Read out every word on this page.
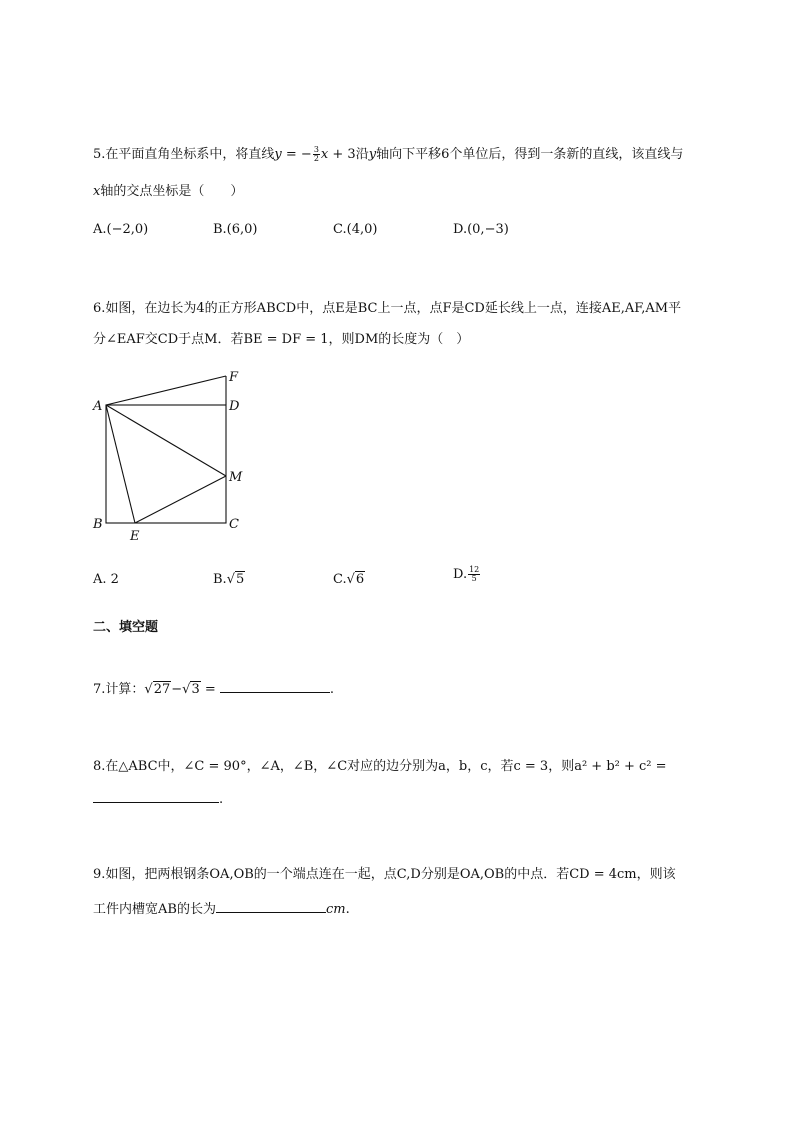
5.在平面直角坐标系中，将直线y = − $\frac{3}{2}$ x + 3沿y轴向下平移6个单位后，得到一条新的直线，该直线与
x轴的交点坐标是（　　）
A.(−2,0)	B.(6,0)	C.(4,0)	D.(0,−3)
6.如图，在边长为4的正方形ABCD中，点E是BC上一点，点F是CD延长线上一点，连接AE,AF,AM平
分∠EAF交CD于点M．若BE = DF = 1，则DM的长度为（　）
A
B	C
D
E
F
M
A. 2	B.√5	C.√6	D. $\frac{12}{5}$
二、填空题
7.计算：√27−√3 =	.
8.在△ABC中，∠C = 90°，∠A，∠B，∠C对应的边分别为a，b，c，若c = 3，则a² + b² + c² =
.
9.如图，把两根钢条OA,OB的一个端点连在一起，点C,D分别是OA,OB的中点．若CD = 4cm，则该
工件内槽宽AB的长为	cm.
